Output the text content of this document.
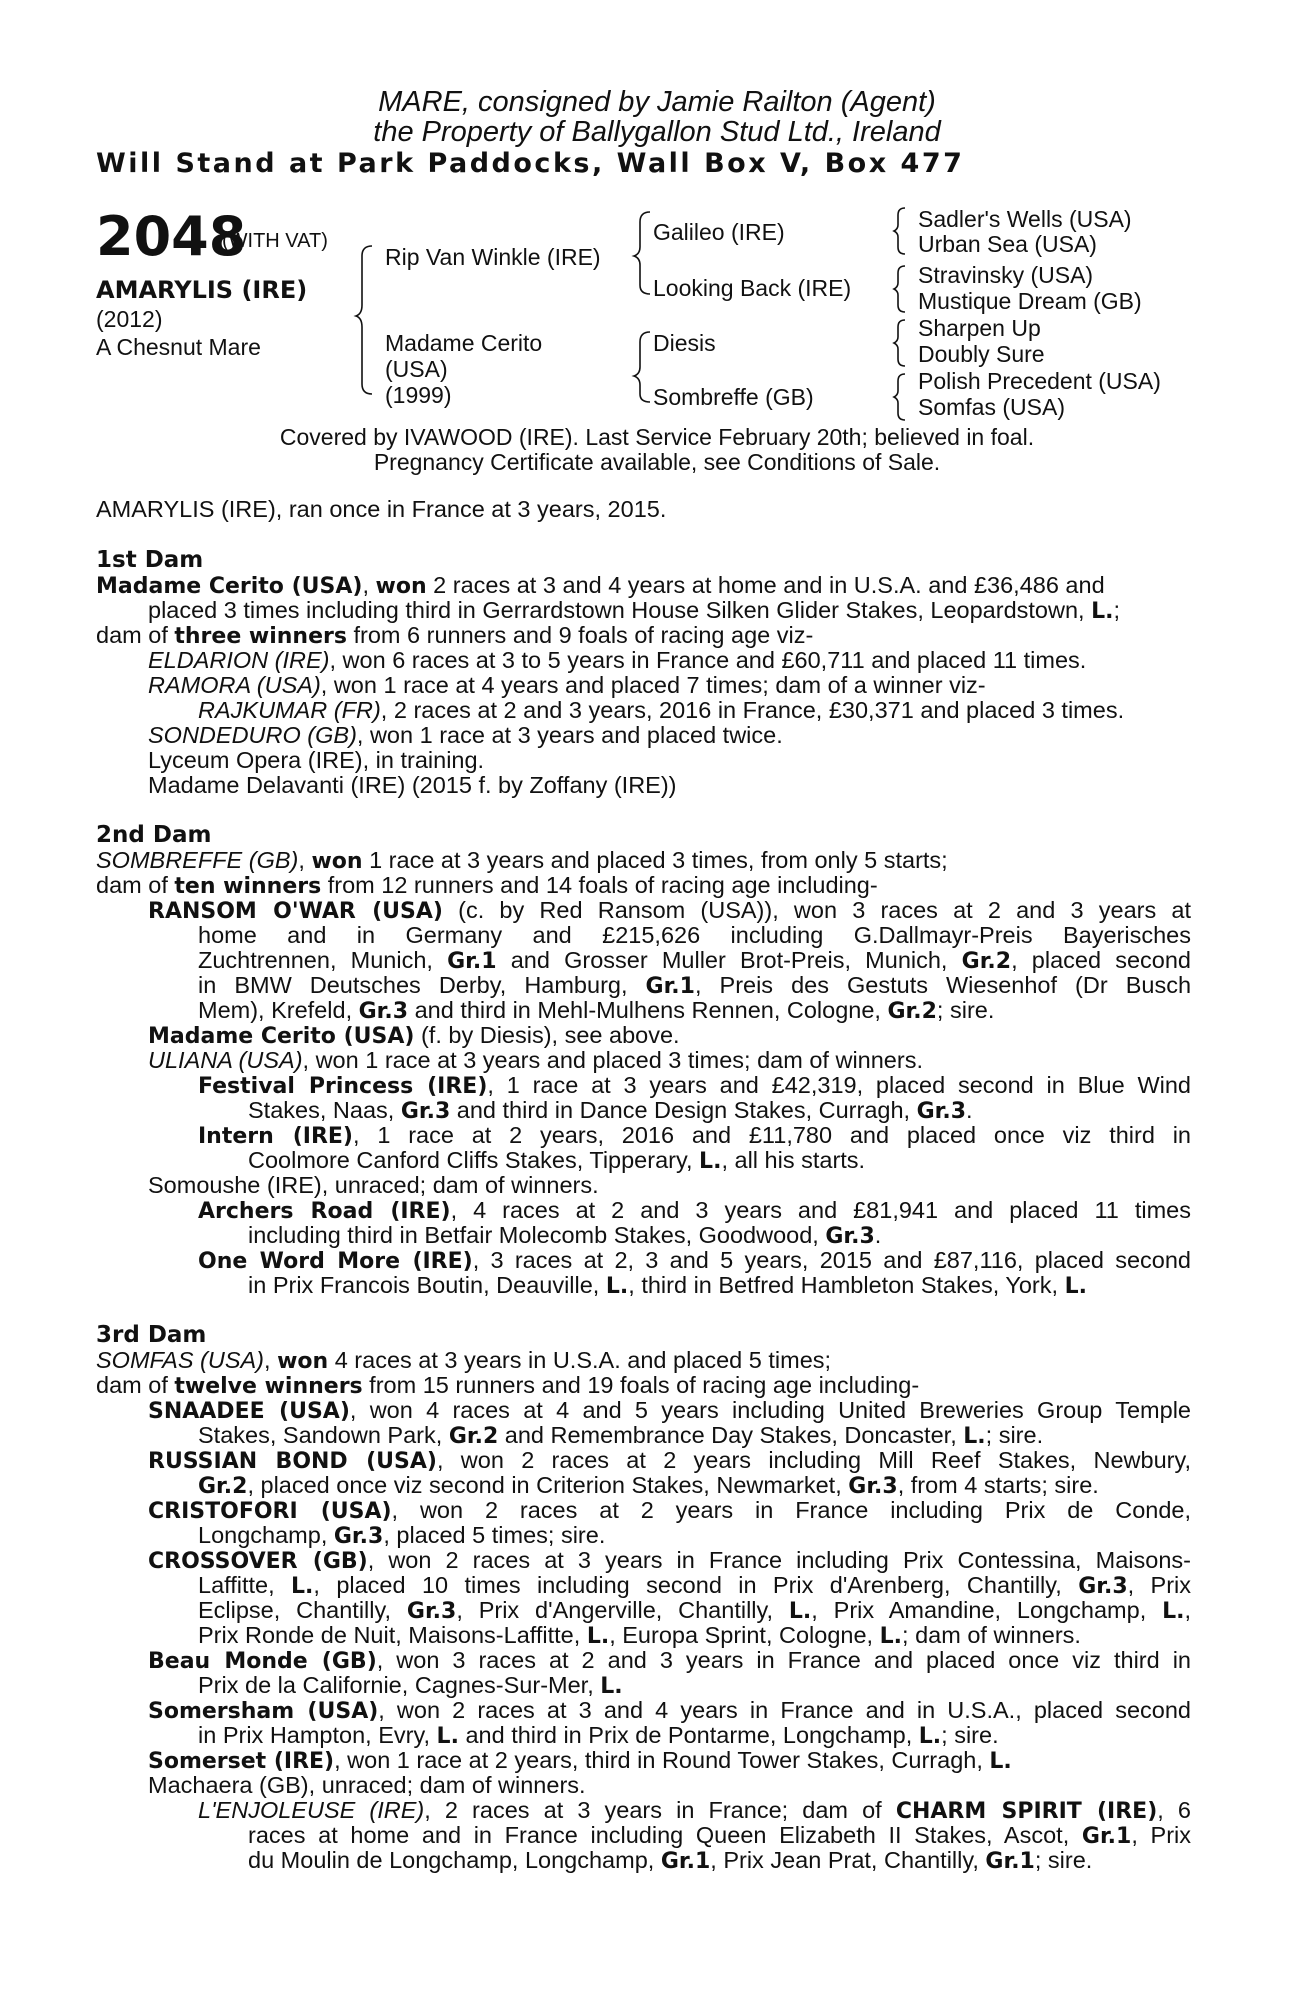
MARE, consigned by Jamie Railton (Agent)
the Property of Ballygallon Stud Ltd., Ireland
Will Stand at Park Paddocks, Wall Box V, Box 477
2048
(WITH VAT)
AMARYLIS (IRE)
(2012)
A Chesnut Mare
Rip Van Winkle (IRE)
Madame Cerito
(USA)
(1999)
Galileo (IRE)
Looking Back (IRE)
Diesis
Sombreffe (GB)
Sadler's Wells (USA)
Urban Sea (USA)
Stravinsky (USA)
Mustique Dream (GB)
Sharpen Up
Doubly Sure
Polish Precedent (USA)
Somfas (USA)
Covered by IVAWOOD (IRE). Last Service February 20th; believed in foal.
Pregnancy Certificate available, see Conditions of Sale.
AMARYLIS (IRE), ran once in France at 3 years, 2015.
1st Dam
Madame Cerito (USA), won 2 races at 3 and 4 years at home and in U.S.A. and £36,486 and
placed 3 times including third in Gerrardstown House Silken Glider Stakes, Leopardstown, L.;
dam of three winners from 6 runners and 9 foals of racing age viz-
ELDARION (IRE), won 6 races at 3 to 5 years in France and £60,711 and placed 11 times.
RAMORA (USA), won 1 race at 4 years and placed 7 times; dam of a winner viz-
RAJKUMAR (FR), 2 races at 2 and 3 years, 2016 in France, £30,371 and placed 3 times.
SONDEDURO (GB), won 1 race at 3 years and placed twice.
Lyceum Opera (IRE), in training.
Madame Delavanti (IRE) (2015 f. by Zoffany (IRE))
2nd Dam
SOMBREFFE (GB), won 1 race at 3 years and placed 3 times, from only 5 starts;
dam of ten winners from 12 runners and 14 foals of racing age including-
RANSOM O'WAR (USA) (c. by Red Ransom (USA)), won 3 races at 2 and 3 years at
home and in Germany and £215,626 including G.Dallmayr-Preis Bayerisches
Zuchtrennen, Munich, Gr.1 and Grosser Muller Brot-Preis, Munich, Gr.2, placed second
in BMW Deutsches Derby, Hamburg, Gr.1, Preis des Gestuts Wiesenhof (Dr Busch
Mem), Krefeld, Gr.3 and third in Mehl-Mulhens Rennen, Cologne, Gr.2; sire.
Madame Cerito (USA) (f. by Diesis), see above.
ULIANA (USA), won 1 race at 3 years and placed 3 times; dam of winners.
Festival Princess (IRE), 1 race at 3 years and £42,319, placed second in Blue Wind
Stakes, Naas, Gr.3 and third in Dance Design Stakes, Curragh, Gr.3.
Intern (IRE), 1 race at 2 years, 2016 and £11,780 and placed once viz third in
Coolmore Canford Cliffs Stakes, Tipperary, L., all his starts.
Somoushe (IRE), unraced; dam of winners.
Archers Road (IRE), 4 races at 2 and 3 years and £81,941 and placed 11 times
including third in Betfair Molecomb Stakes, Goodwood, Gr.3.
One Word More (IRE), 3 races at 2, 3 and 5 years, 2015 and £87,116, placed second
in Prix Francois Boutin, Deauville, L., third in Betfred Hambleton Stakes, York, L.
3rd Dam
SOMFAS (USA), won 4 races at 3 years in U.S.A. and placed 5 times;
dam of twelve winners from 15 runners and 19 foals of racing age including-
SNAADEE (USA), won 4 races at 4 and 5 years including United Breweries Group Temple
Stakes, Sandown Park, Gr.2 and Remembrance Day Stakes, Doncaster, L.; sire.
RUSSIAN BOND (USA), won 2 races at 2 years including Mill Reef Stakes, Newbury,
Gr.2, placed once viz second in Criterion Stakes, Newmarket, Gr.3, from 4 starts; sire.
CRISTOFORI (USA), won 2 races at 2 years in France including Prix de Conde,
Longchamp, Gr.3, placed 5 times; sire.
CROSSOVER (GB), won 2 races at 3 years in France including Prix Contessina, Maisons-
Laffitte, L., placed 10 times including second in Prix d'Arenberg, Chantilly, Gr.3, Prix
Eclipse, Chantilly, Gr.3, Prix d'Angerville, Chantilly, L., Prix Amandine, Longchamp, L.,
Prix Ronde de Nuit, Maisons-Laffitte, L., Europa Sprint, Cologne, L.; dam of winners.
Beau Monde (GB), won 3 races at 2 and 3 years in France and placed once viz third in
Prix de la Californie, Cagnes-Sur-Mer, L.
Somersham (USA), won 2 races at 3 and 4 years in France and in U.S.A., placed second
in Prix Hampton, Evry, L. and third in Prix de Pontarme, Longchamp, L.; sire.
Somerset (IRE), won 1 race at 2 years, third in Round Tower Stakes, Curragh, L.
Machaera (GB), unraced; dam of winners.
L'ENJOLEUSE (IRE), 2 races at 3 years in France; dam of CHARM SPIRIT (IRE), 6
races at home and in France including Queen Elizabeth II Stakes, Ascot, Gr.1, Prix
du Moulin de Longchamp, Longchamp, Gr.1, Prix Jean Prat, Chantilly, Gr.1; sire.
